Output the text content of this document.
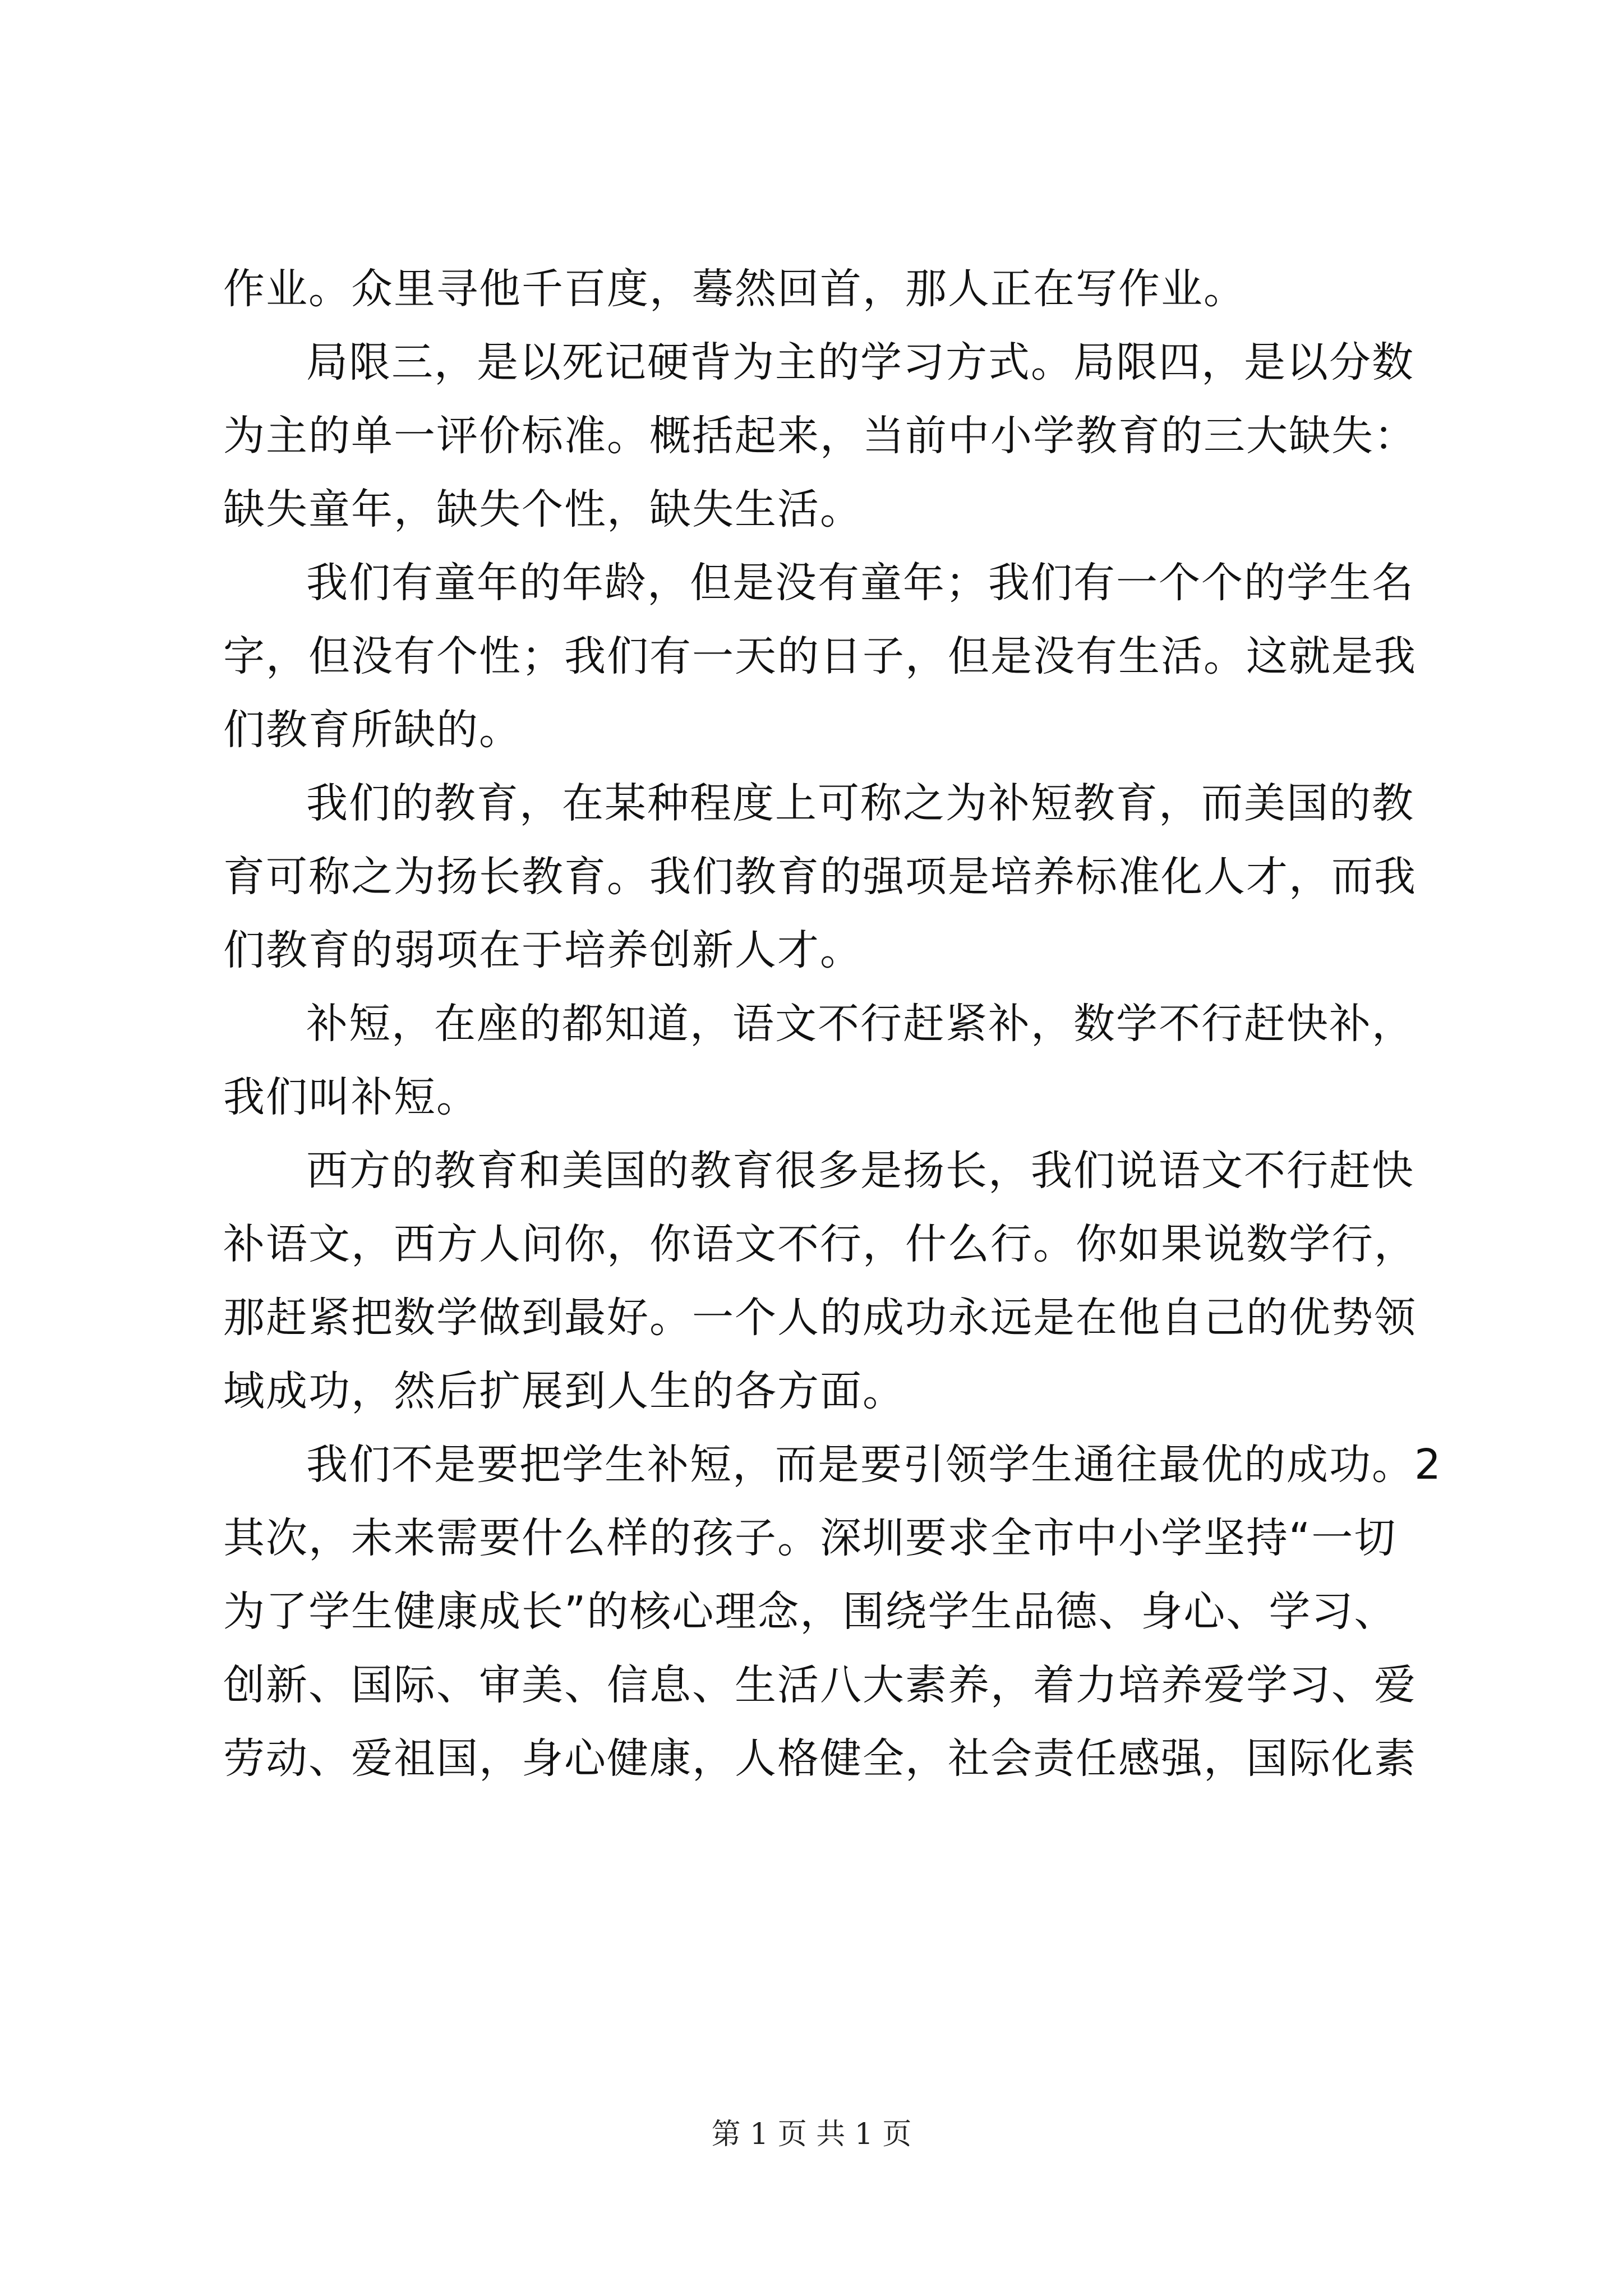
作业。众里寻他千百度，蓦然回首，那人正在写作业。
局限三，是以死记硬背为主的学习方式。局限四，是以分数
为主的单一评价标准。概括起来，当前中小学教育的三大缺失：
缺失童年，缺失个性，缺失生活。
我们有童年的年龄，但是没有童年；我们有一个个的学生名
字，但没有个性；我们有一天的日子，但是没有生活。这就是我
们教育所缺的。
我们的教育，在某种程度上可称之为补短教育，而美国的教
育可称之为扬长教育。我们教育的强项是培养标准化人才，而我
们教育的弱项在于培养创新人才。
补短，在座的都知道，语文不行赶紧补，数学不行赶快补，
我们叫补短。
西方的教育和美国的教育很多是扬长，我们说语文不行赶快
补语文，西方人问你，你语文不行，什么行。你如果说数学行，
那赶紧把数学做到最好。一个人的成功永远是在他自己的优势领
域成功，然后扩展到人生的各方面。
我们不是要把学生补短，而是要引领学生通往最优的成功。2
其次，未来需要什么样的孩子。深圳要求全市中小学坚持“一切
为了学生健康成长”的核心理念，围绕学生品德、身心、学习、
创新、国际、审美、信息、生活八大素养，着力培养爱学习、爱
劳动、爱祖国，身心健康，人格健全，社会责任感强，国际化素
第 1 页 共 1 页
